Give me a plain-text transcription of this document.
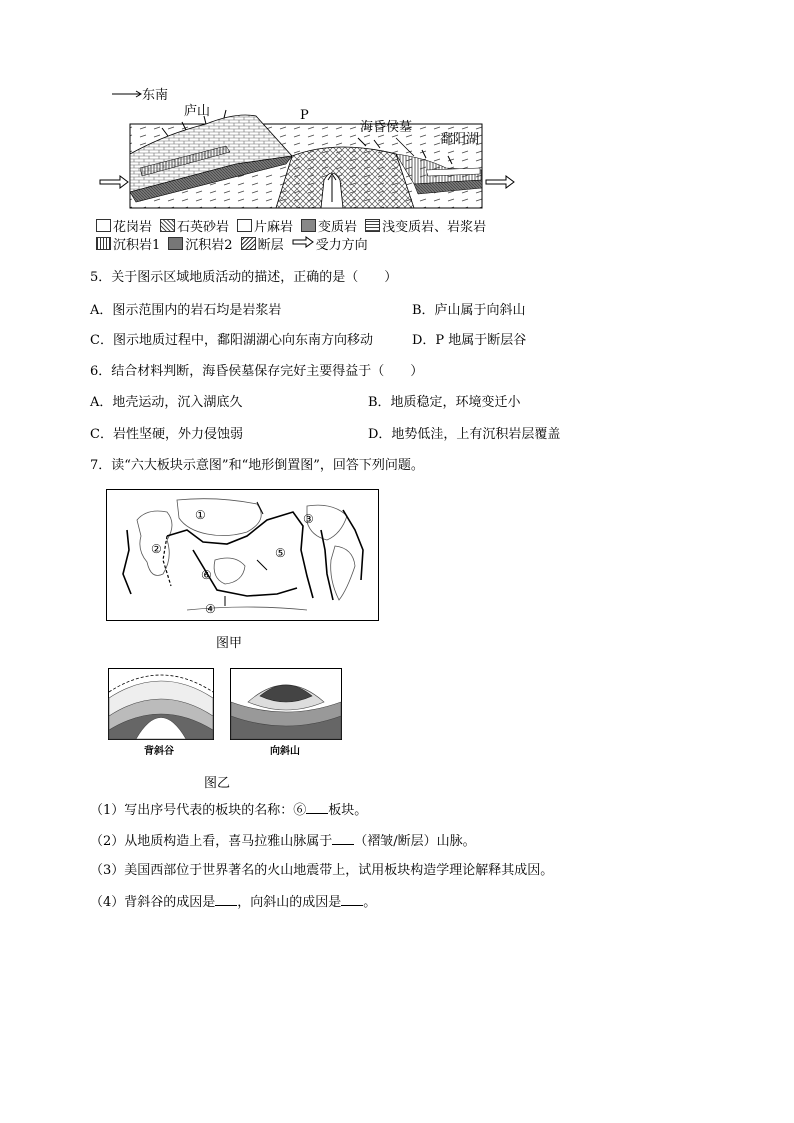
东南
庐山	P
海昏侯墓
鄱阳湖
花岗岩 石英砂岩 片麻岩 变质岩 浅变质岩、岩浆岩
沉积岩1 沉积岩2 断层 受力方向
5．关于图示区域地质活动的描述，正确的是（　　）
A．图示范围内的岩石均是岩浆岩	B．庐山属于向斜山
C．图示地质过程中，鄱阳湖湖心向东南方向移动	D．P 地属于断层谷
6．结合材料判断，海昏侯墓保存完好主要得益于（　　）
A．地壳运动，沉入湖底久	B．地质稳定，环境变迁小
C．岩性坚硬，外力侵蚀弱	D．地势低洼，上有沉积岩层覆盖
7．读“六大板块示意图”和“地形倒置图”，回答下列问题。
①
②
③
④
⑤
⑥
图甲
背斜谷	向斜山
图乙
（1）写出序号代表的板块的名称：⑥ 板块。
（2）从地质构造上看，喜马拉雅山脉属于 （褶皱/断层）山脉。
（3）美国西部位于世界著名的火山地震带上，试用板块构造学理论解释其成因。
（4）背斜谷的成因是 ，向斜山的成因是 。
